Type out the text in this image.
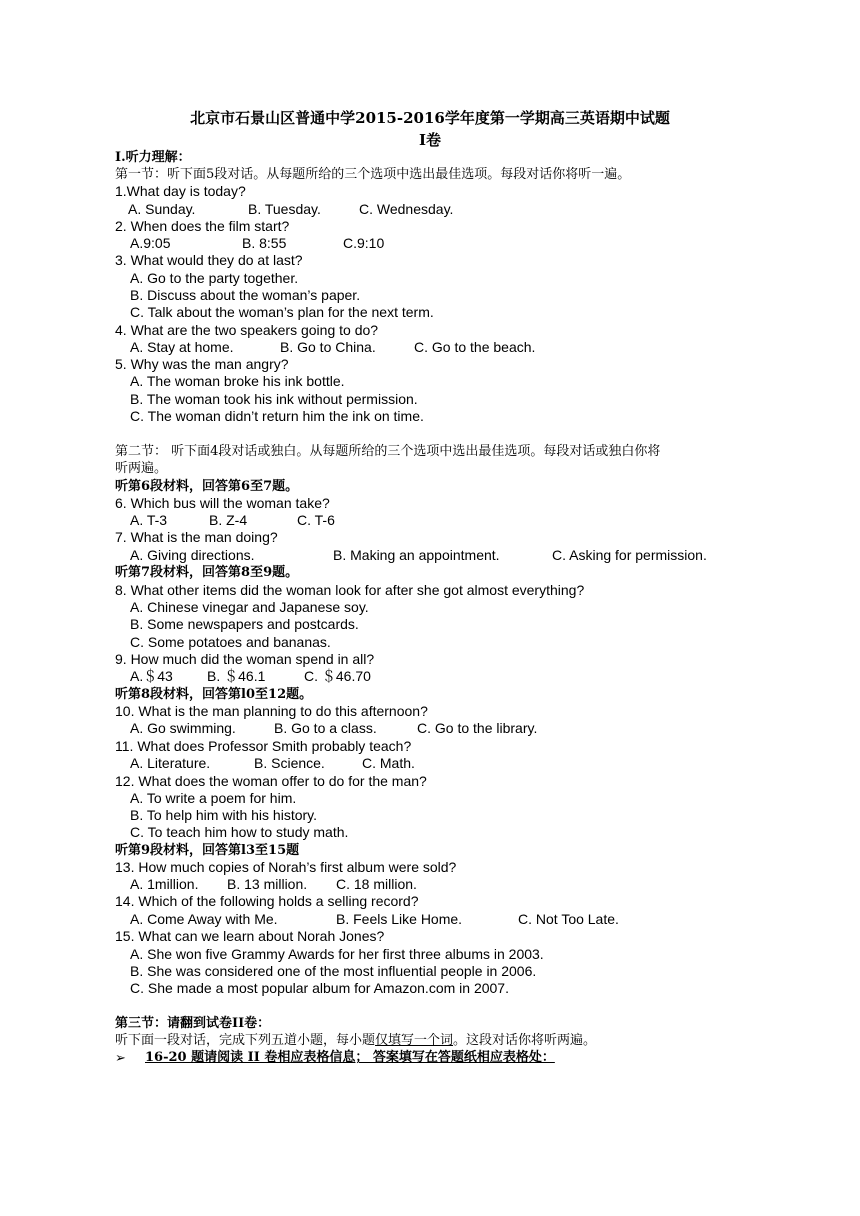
北京市石景山区普通中学2015-2016学年度第一学期高三英语期中试题
Ⅰ卷
I.听力理解：
第一节：听下面5段对话。从每题所给的三个选项中选出最佳选项。每段对话你将听一遍。
1.What day is today?
A. Sunday.	B. Tuesday.	C. Wednesday.
2. When does the film start?
A.9:05	B. 8:55	C.9:10
3. What would they do at last?
A. Go to the party together.
B. Discuss about the woman’s paper.
C. Talk about the woman’s plan for the next term.
4. What are the two speakers going to do?
A. Stay at home.	B. Go to China.	C. Go to the beach.
5. Why was the man angry?
A. The woman broke his ink bottle.
B. The woman took his ink without permission.
C. The woman didn’t return him the ink on time.
第二节： 听下面4段对话或独白。从每题所给的三个选项中选出最佳选项。每段对话或独白你将
听两遍。
听第6段材料，回答第6至7题。
6. Which bus will the woman take?
A. T-3	B. Z-4	C. T-6
7. What is the man doing?
A. Giving directions.	B. Making an appointment.	C. Asking for permission.
听第7段材料，回答第8至9题。
8. What other items did the woman look for after she got almost everything?
A. Chinese vinegar and Japanese soy.
B. Some newspapers and postcards.
C. Some potatoes and bananas.
9. How much did the woman spend in all?
A.＄43 B. ＄46.1	C. ＄46.70
听第8段材料，回答第l0至12题。
10. What is the man planning to do this afternoon?
A. Go swimming.	B. Go to a class.	C. Go to the library.
11. What does Professor Smith probably teach?
A. Literature.	B. Science.	C. Math.
12. What does the woman offer to do for the man?
A. To write a poem for him.
B. To help him with his history.
C. To teach him how to study math.
听第9段材料，回答第l3至15题
13. How much copies of Norah’s first album were sold?
A. 1million. B. 13 million. C. 18 million.
14. Which of the following holds a selling record?
A. Come Away with Me.	B. Feels Like Home.	C. Not Too Late.
15. What can we learn about Norah Jones?
A. She won five Grammy Awards for her first three albums in 2003.
B. She was considered one of the most influential people in 2006.
C. She made a most popular album for Amazon.com in 2007.
第三节：请翻到试卷II卷：
听下面一段对话，完成下列五道小题，每小题仅填写一个词。这段对话你将听两遍。
➢ 16-20 题请阅读 II 卷相应表格信息； 答案填写在答题纸相应表格处：
